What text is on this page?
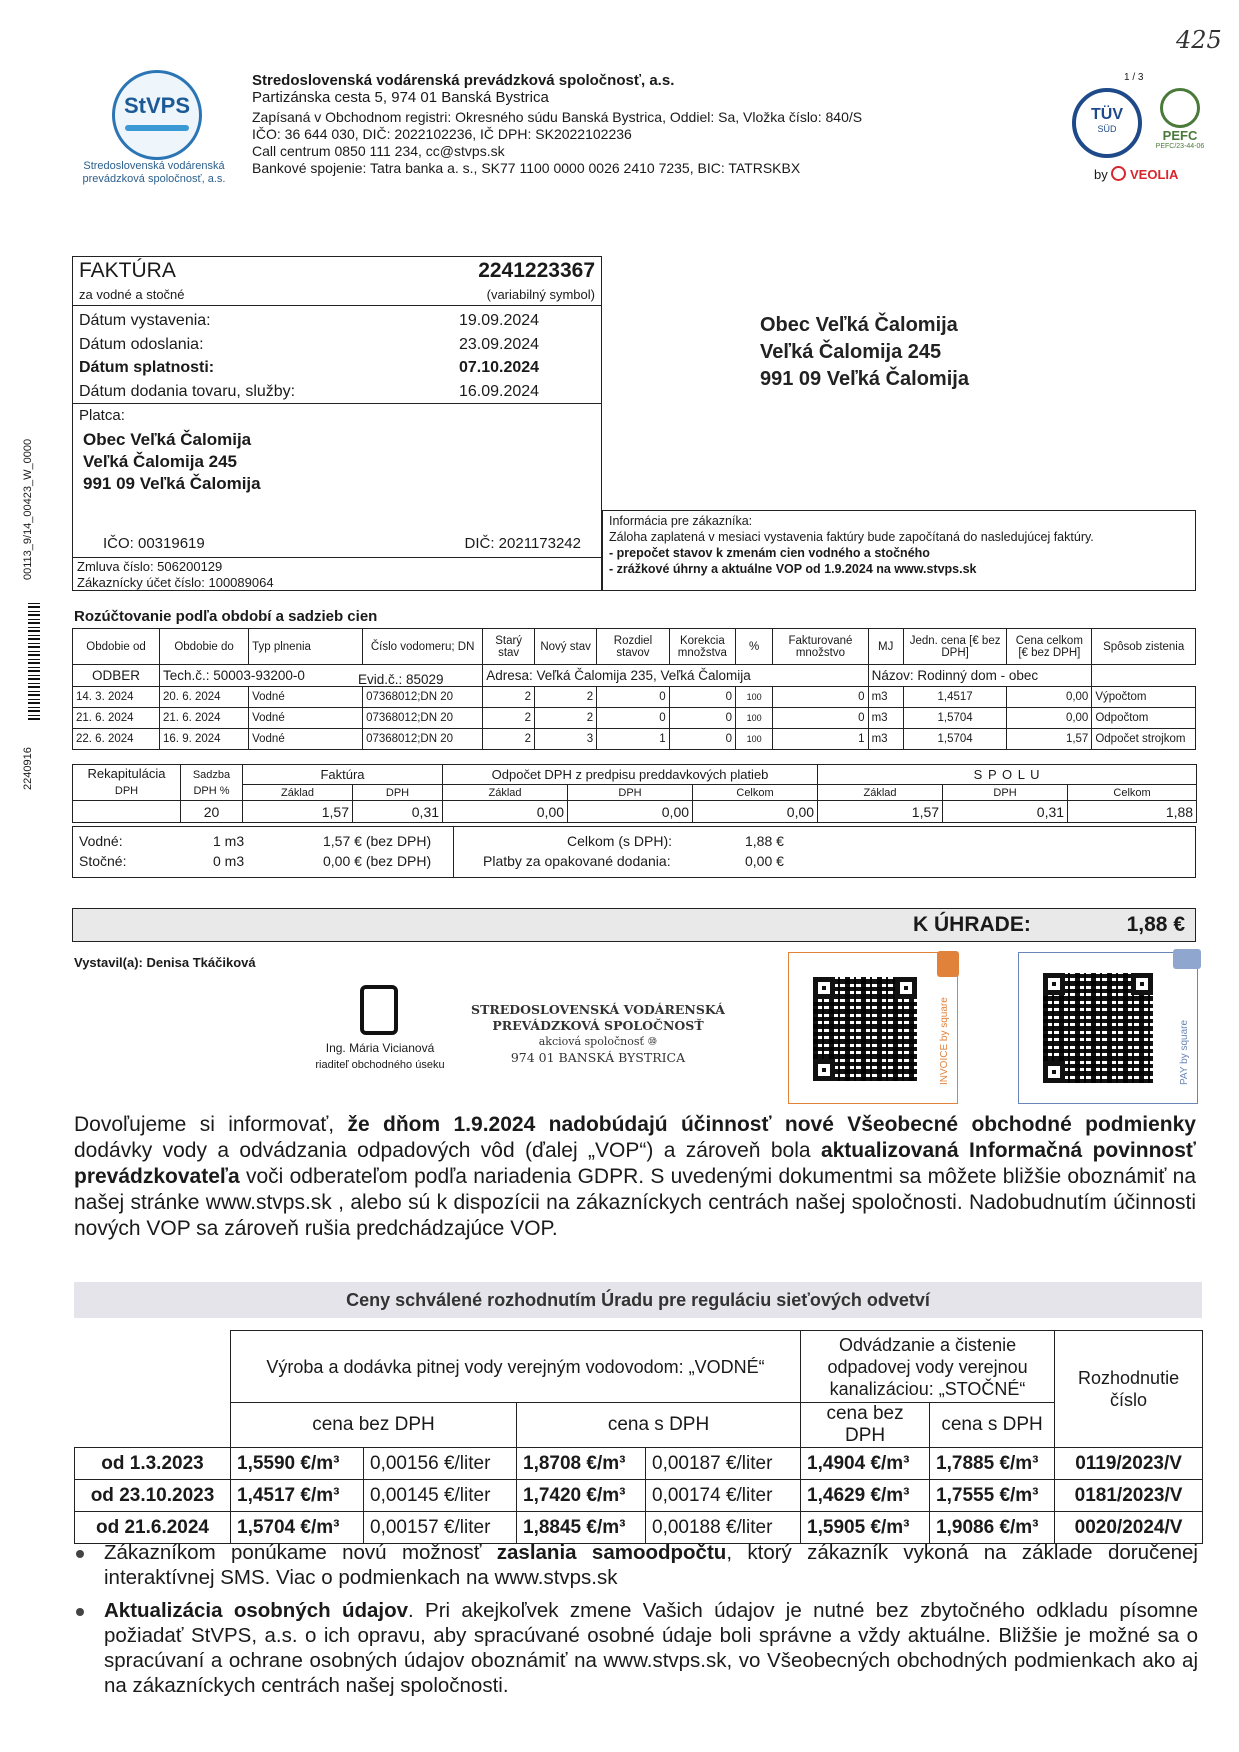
425
00113_9/14_00423_W_0000
2240916
StVPS
Stredoslovenská vodárenská prevádzková spoločnosť, a.s.
Stredoslovenská vodárenská prevádzková spoločnosť, a.s.
Partizánska cesta 5, 974 01 Banská Bystrica
Zapísaná v Obchodnom registri: Okresného súdu Banská Bystrica, Oddiel: Sa, Vložka číslo: 840/S
IČO: 36 644 030, DIČ: 2022102236, IČ DPH: SK2022102236
Call centrum 0850 111 234, cc@stvps.sk
Bankové spojenie: Tatra banka a. s., SK77 1100 0000 0026 2410 7235, BIC: TATRSKBX
1 / 3
TÜV
SÜD	PEFC
PEFC/23-44-06
by VEOLIA
FAKTÚRA	2241223367
za vodné a stočné	(variabilný symbol)
Dátum vystavenia:	19.09.2024
Dátum odoslania:	23.09.2024
Dátum splatnosti:	07.10.2024
Dátum dodania tovaru, služby:	16.09.2024
Platca:
Obec Veľká Čalomija
Veľká Čalomija 245
991 09 Veľká Čalomija
IČO: 00319619	DIČ: 2021173242
Zmluva číslo: 506200129
Zákaznícky účet číslo: 100089064
Obec Veľká Čalomija
Veľká Čalomija 245
991 09 Veľká Čalomija
Informácia pre zákazníka:
Záloha zaplatená v mesiaci vystavenia faktúry bude započítaná do nasledujúcej faktúry.
- prepočet stavov k zmenám cien vodného a stočného
- zrážkové úhrny a aktuálne VOP od 1.9.2024 na www.stvps.sk
Rozúčtovanie podľa období a sadzieb cien
Obdobie od	Obdobie do	Typ plnenia	Číslo vodomeru; DN	Starý stav	Nový stav	Rozdiel stavov	Korekcia množstva	%	Fakturované množstvo	MJ	Jedn. cena [€ bez DPH]	Cena celkom [€ bez DPH]	Spôsob zistenia
ODBER	Tech.č.: 50003-93200-0			Adresa: Veľká Čalomija 235, Veľká Čalomija						Názov: Rodinný dom - obec			
14. 3. 2024	20. 6. 2024	Vodné	07368012;DN 20	2	2	0	0	100	0	m3	1,4517	0,00	Výpočtom
21. 6. 2024	21. 6. 2024	Vodné	07368012;DN 20	2	2	0	0	100	0	m3	1,5704	0,00	Odpočtom
22. 6. 2024	16. 9. 2024	Vodné	07368012;DN 20	2	3	1	0	100	1	m3	1,5704	1,57	Odpočet strojkom
Evid.č.: 85029
Rekapitulácia
DPH	Sadzba
DPH %	Faktúra		Odpočet DPH z predpisu preddavkových platieb			S P O L U		
		Základ	DPH	Základ	DPH	Celkom	Základ	DPH	Celkom
	20	1,57	0,31	0,00	0,00	0,00	1,57	0,31	1,88
Vodné:	1 m3	1,57 € (bez DPH)
Stočné:	0 m3	0,00 € (bez DPH)
Celkom (s DPH):	1,88 €
Platby za opakované dodania:	0,00 €
K ÚHRADE:	1,88 €
Vystavil(a): Denisa Tkáčiková
Ing. Mária Vicianová
riaditeľ obchodného úseku
STREDOSLOVENSKÁ VODÁRENSKÁ
PREVÁDZKOVÁ SPOLOČNOSŤ
akciová spoločnosť ⑩
974 01 BANSKÁ BYSTRICA	INVOICE by square	PAY by square
Dovoľujeme si informovať, že dňom 1.9.2024 nadobúdajú účinnosť nové Všeobecné obchodné podmienky dodávky vody a odvádzania odpadových vôd (ďalej „VOP“) a zároveň bola aktualizovaná Informačná povinnosť prevádzkovateľa voči odberateľom podľa nariadenia GDPR. S uvedenými dokumentmi sa môžete bližšie oboznámiť na našej stránke www.stvps.sk , alebo sú k dispozícii na zákazníckych centrách našej spoločnosti. Nadobudnutím účinnosti nových VOP sa zároveň rušia predchádzajúce VOP.
Ceny schválené rozhodnutím Úradu pre reguláciu sieťových odvetví
	Výroba a dodávka pitnej vody verejným vodovodom: „VODNÉ“				Odvádzanie a čistenie odpadovej vody verejnou kanalizáciou: „STOČNÉ“		Rozhodnutie číslo
	cena bez DPH		cena s DPH		cena bez DPH	cena s DPH	
od 1.3.2023	1,5590 €/m³	0,00156 €/liter	1,8708 €/m³	0,00187 €/liter	1,4904 €/m³	1,7885 €/m³	0119/2023/V
od 23.10.2023	1,4517 €/m³	0,00145 €/liter	1,7420 €/m³	0,00174 €/liter	1,4629 €/m³	1,7555 €/m³	0181/2023/V
od 21.6.2024	1,5704 €/m³	0,00157 €/liter	1,8845 €/m³	0,00188 €/liter	1,5905 €/m³	1,9086 €/m³	0020/2024/V
Zákazníkom ponúkame novú možnosť zaslania samoodpočtu, ktorý zákazník vykoná na základe doručenej interaktívnej SMS. Viac o podmienkach na www.stvps.sk
Aktualizácia osobných údajov. Pri akejkoľvek zmene Vašich údajov je nutné bez zbytočného odkladu písomne požiadať StVPS, a.s. o ich opravu, aby spracúvané osobné údaje boli správne a vždy aktuálne. Bližšie je možné sa o spracúvaní a ochrane osobných údajov oboznámiť na www.stvps.sk, vo Všeobecných obchodných podmienkach ako aj na zákazníckych centrách našej spoločnosti.
